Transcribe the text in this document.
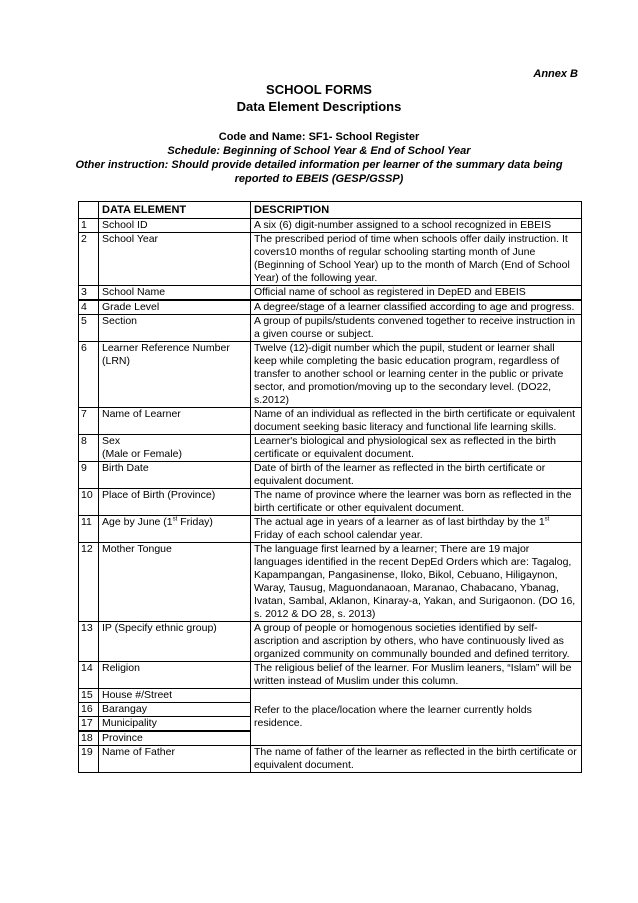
Annex B
SCHOOL FORMS
Data Element Descriptions
Code and Name: SF1- School Register
Schedule: Beginning of School Year & End of School Year
Other instruction: Should provide detailed information per learner of the summary data being reported to EBEIS (GESP/GSSP)
	DATA ELEMENT	DESCRIPTION
1	School ID	A six (6) digit-number assigned to a school recognized in EBEIS
2	School Year	The prescribed period of time when schools offer daily instruction. It covers10 months of regular schooling starting month of June (Beginning of School Year) up to the month of March (End of School Year) of the following year.
3	School Name	Official name of school as registered in DepED and EBEIS
4	Grade Level	A degree/stage of a learner classified according to age and progress.
5	Section	A group of pupils/students convened together to receive instruction in a given course or subject.
6	Learner Reference Number (LRN)	Twelve (12)-digit number which the pupil, student or learner shall keep while completing the basic education program, regardless of transfer to another school or learning center in the public or private sector, and promotion/moving up to the secondary level. (DO22, s.2012)
7	Name of Learner	Name of an individual as reflected in the birth certificate or equivalent document seeking basic literacy and functional life learning skills.
8	Sex
(Male or Female)	Learner's biological and physiological sex as reflected in the birth certificate or equivalent document.
9	Birth Date	Date of birth of the learner as reflected in the birth certificate or equivalent document.
10	Place of Birth (Province)	The name of province where the learner was born as reflected in the birth certificate or other equivalent document.
11	Age by June (1st Friday)	The actual age in years of a learner as of last birthday by the 1st Friday of each school calendar year.
12	Mother Tongue	The language first learned by a learner; There are 19 major languages identified in the recent DepEd Orders which are: Tagalog, Kapampangan, Pangasinense, Iloko, Bikol, Cebuano, Hiligaynon, Waray, Tausug, Maguondanaoan, Maranao, Chabacano, Ybanag, Ivatan, Sambal, Aklanon, Kinaray-a, Yakan, and Surigaonon. (DO 16, s. 2012 & DO 28, s. 2013)
13	IP (Specify ethnic group)	A group of people or homogenous societies identified by self-ascription and ascription by others, who have continuously lived as organized community on communally bounded and defined territory.
14	Religion	The religious belief of the learner. For Muslim leaners, “Islam” will be written instead of Muslim under this column.
15	House #/Street	Refer to the place/location where the learner currently holds residence.
16	Barangay	
17	Municipality	
18	Province	
19	Name of Father	The name of father of the learner as reflected in the birth certificate or equivalent document.
